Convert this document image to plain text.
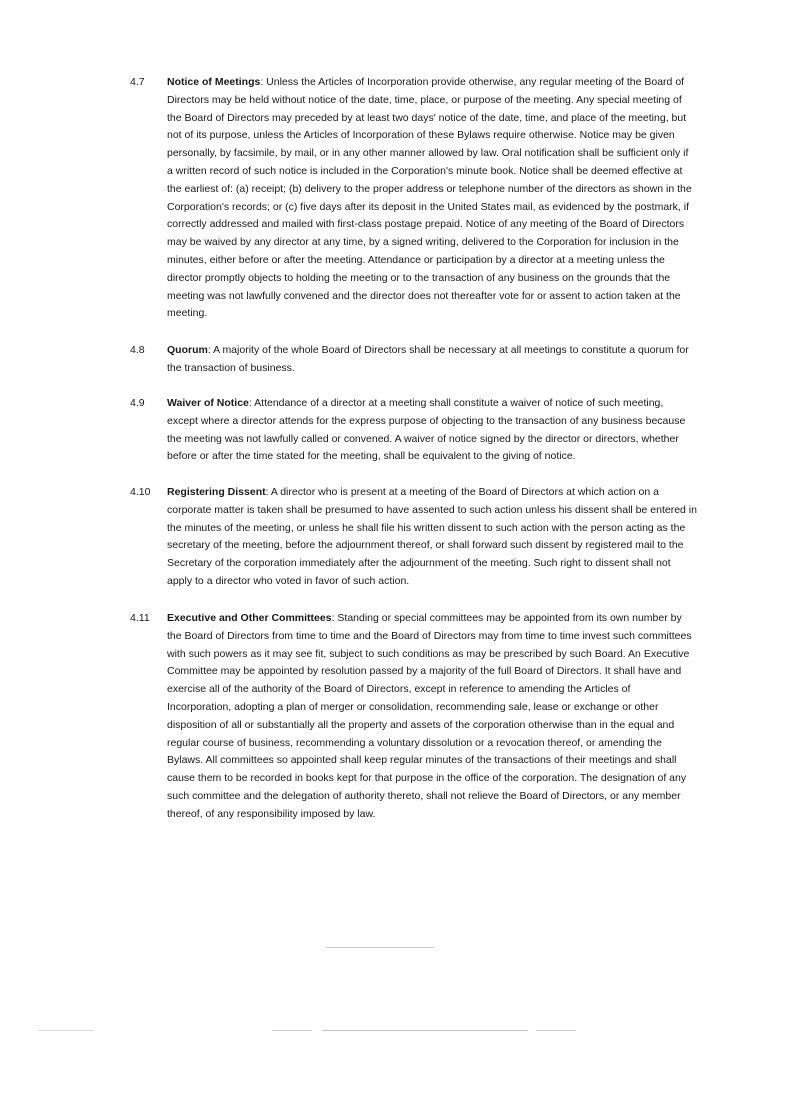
4.7	Notice of Meetings: Unless the Articles of Incorporation provide otherwise, any regular meeting of the Board of Directors may be held without notice of the date, time, place, or purpose of the meeting. Any special meeting of the Board of Directors may preceded by at least two days' notice of the date, time, and place of the meeting, but not of its purpose, unless the Articles of Incorporation of these Bylaws require otherwise. Notice may be given personally, by facsimile, by mail, or in any other manner allowed by law. Oral notification shall be sufficient only if a written record of such notice is included in the Corporation's minute book. Notice shall be deemed effective at the earliest of: (a) receipt; (b) delivery to the proper address or telephone number of the directors as shown in the Corporation's records; or (c) five days after its deposit in the United States mail, as evidenced by the postmark, if correctly addressed and mailed with first-class postage prepaid. Notice of any meeting of the Board of Directors may be waived by any director at any time, by a signed writing, delivered to the Corporation for inclusion in the minutes, either before or after the meeting. Attendance or participation by a director at a meeting unless the director promptly objects to holding the meeting or to the transaction of any business on the grounds that the meeting was not lawfully convened and the director does not thereafter vote for or assent to action taken at the meeting.
4.8	Quorum: A majority of the whole Board of Directors shall be necessary at all meetings to constitute a quorum for the transaction of business.
4.9	Waiver of Notice: Attendance of a director at a meeting shall constitute a waiver of notice of such meeting, except where a director attends for the express purpose of objecting to the transaction of any business because the meeting was not lawfully called or convened. A waiver of notice signed by the director or directors, whether before or after the time stated for the meeting, shall be equivalent to the giving of notice.
4.10	Registering Dissent: A director who is present at a meeting of the Board of Directors at which action on a corporate matter is taken shall be presumed to have assented to such action unless his dissent shall be entered in the minutes of the meeting, or unless he shall file his written dissent to such action with the person acting as the secretary of the meeting, before the adjournment thereof, or shall forward such dissent by registered mail to the Secretary of the corporation immediately after the adjournment of the meeting. Such right to dissent shall not apply to a director who voted in favor of such action.
4.11	Executive and Other Committees: Standing or special committees may be appointed from its own number by the Board of Directors from time to time and the Board of Directors may from time to time invest such committees with such powers as it may see fit, subject to such conditions as may be prescribed by such Board. An Executive Committee may be appointed by resolution passed by a majority of the full Board of Directors. It shall have and exercise all of the authority of the Board of Directors, except in reference to amending the Articles of Incorporation, adopting a plan of merger or consolidation, recommending sale, lease or exchange or other disposition of all or substantially all the property and assets of the corporation otherwise than in the equal and regular course of business, recommending a voluntary dissolution or a revocation thereof, or amending the Bylaws. All committees so appointed shall keep regular minutes of the transactions of their meetings and shall cause them to be recorded in books kept for that purpose in the office of the corporation. The designation of any such committee and the delegation of authority thereto, shall not relieve the Board of Directors, or any member thereof, of any responsibility imposed by law.
